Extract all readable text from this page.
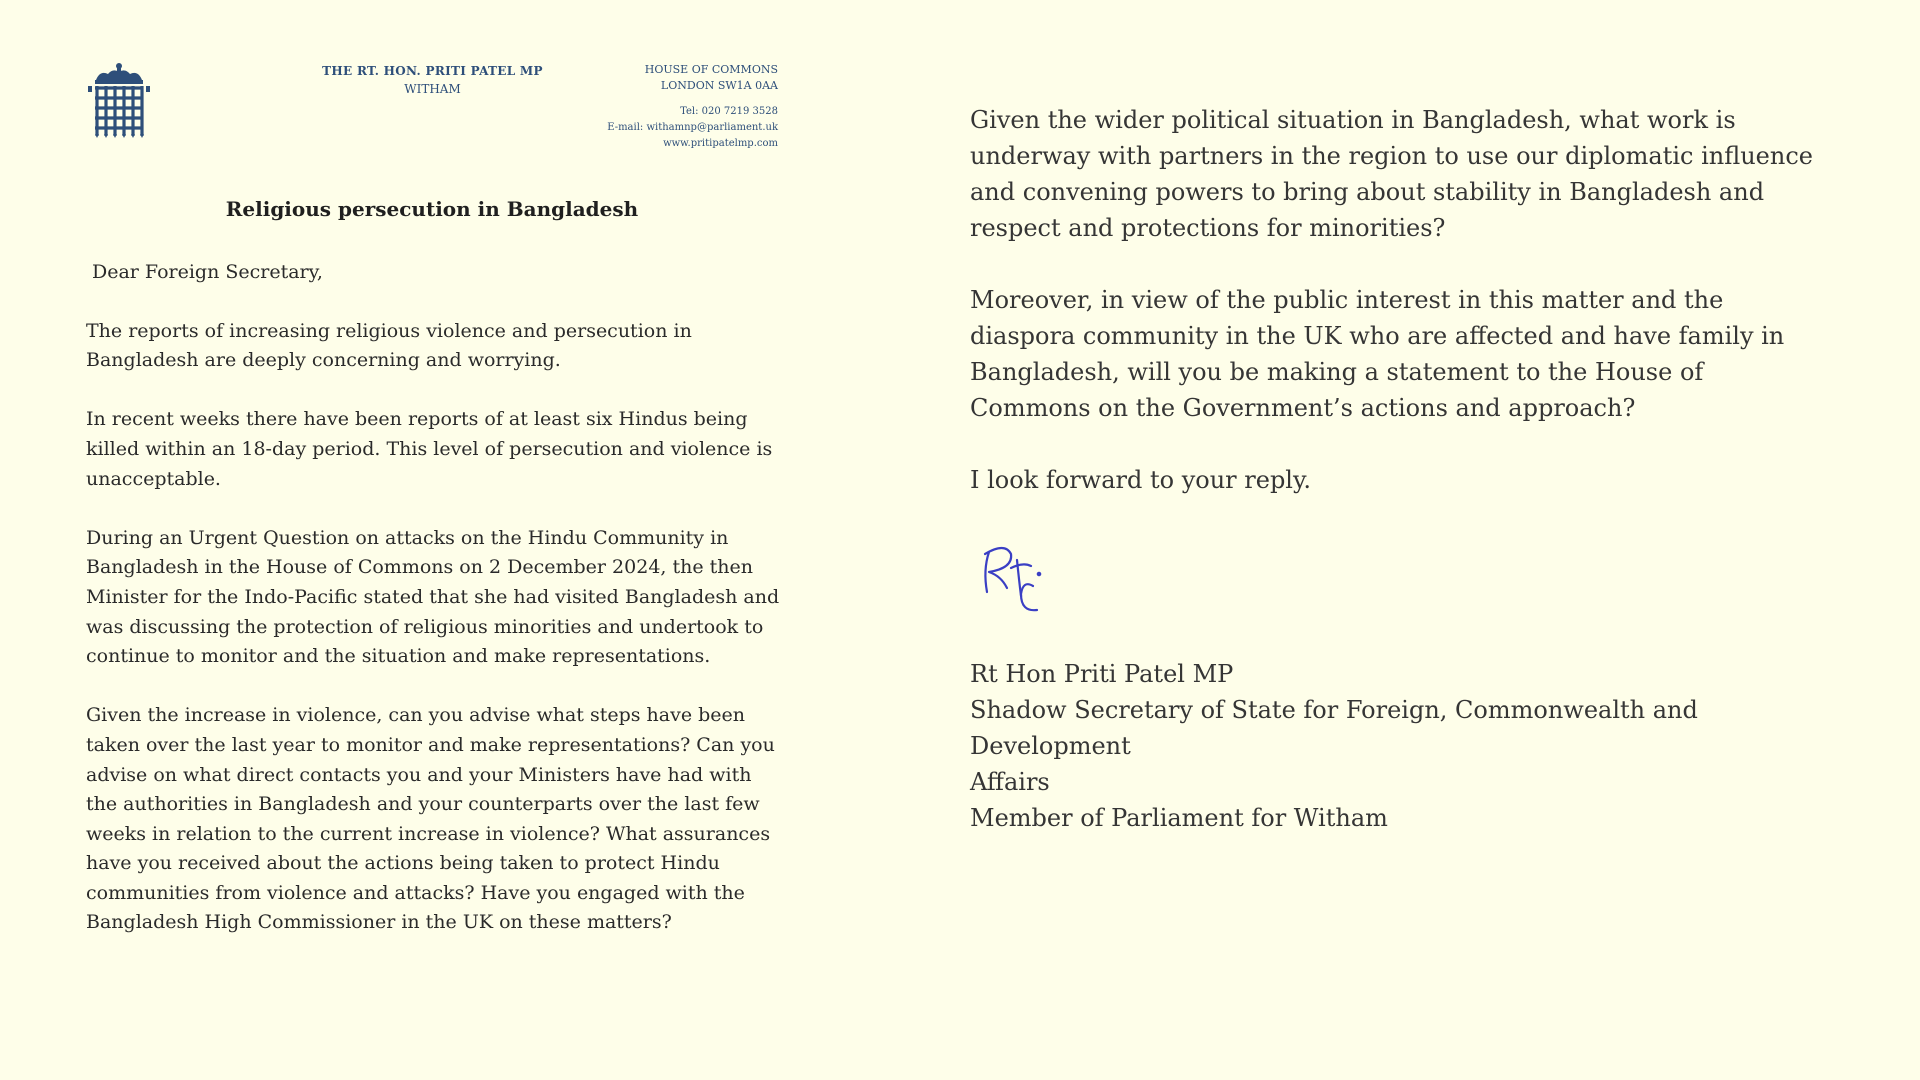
THE RT. HON. PRITI PATEL MP
WITHAM
HOUSE OF COMMONS
LONDON SW1A 0AA
Tel: 020 7219 3528
E-mail: withamnp@parliament.uk
www.pritipatelmp.com
Religious persecution in Bangladesh

Dear Foreign Secretary,

The reports of increasing religious violence and persecution in Bangladesh are deeply concerning and worrying.

In recent weeks there have been reports of at least six Hindus being killed within an 18-day period. This level of persecution and violence is unacceptable.

During an Urgent Question on attacks on the Hindu Community in Bangladesh in the House of Commons on 2 December 2024, the then Minister for the Indo-Pacific stated that she had visited Bangladesh and was discussing the protection of religious minorities and undertook to continue to monitor and the situation and make representations.

Given the increase in violence, can you advise what steps have been taken over the last year to monitor and make representations? Can you advise on what direct contacts you and your Ministers have had with the authorities in Bangladesh and your counterparts over the last few weeks in relation to the current increase in violence? What assurances have you received about the actions being taken to protect Hindu communities from violence and attacks? Have you engaged with the Bangladesh High Commissioner in the UK on these matters?

Given the wider political situation in Bangladesh, what work is underway with partners in the region to use our diplomatic influence and convening powers to bring about stability in Bangladesh and respect and protections for minorities?

Moreover, in view of the public interest in this matter and the diaspora community in the UK who are affected and have family in Bangladesh, will you be making a statement to the House of Commons on the Government’s actions and approach?

I look forward to your reply.

Rt Hon Priti Patel MP
Shadow Secretary of State for Foreign, Commonwealth and Development
Affairs
Member of Parliament for Witham
